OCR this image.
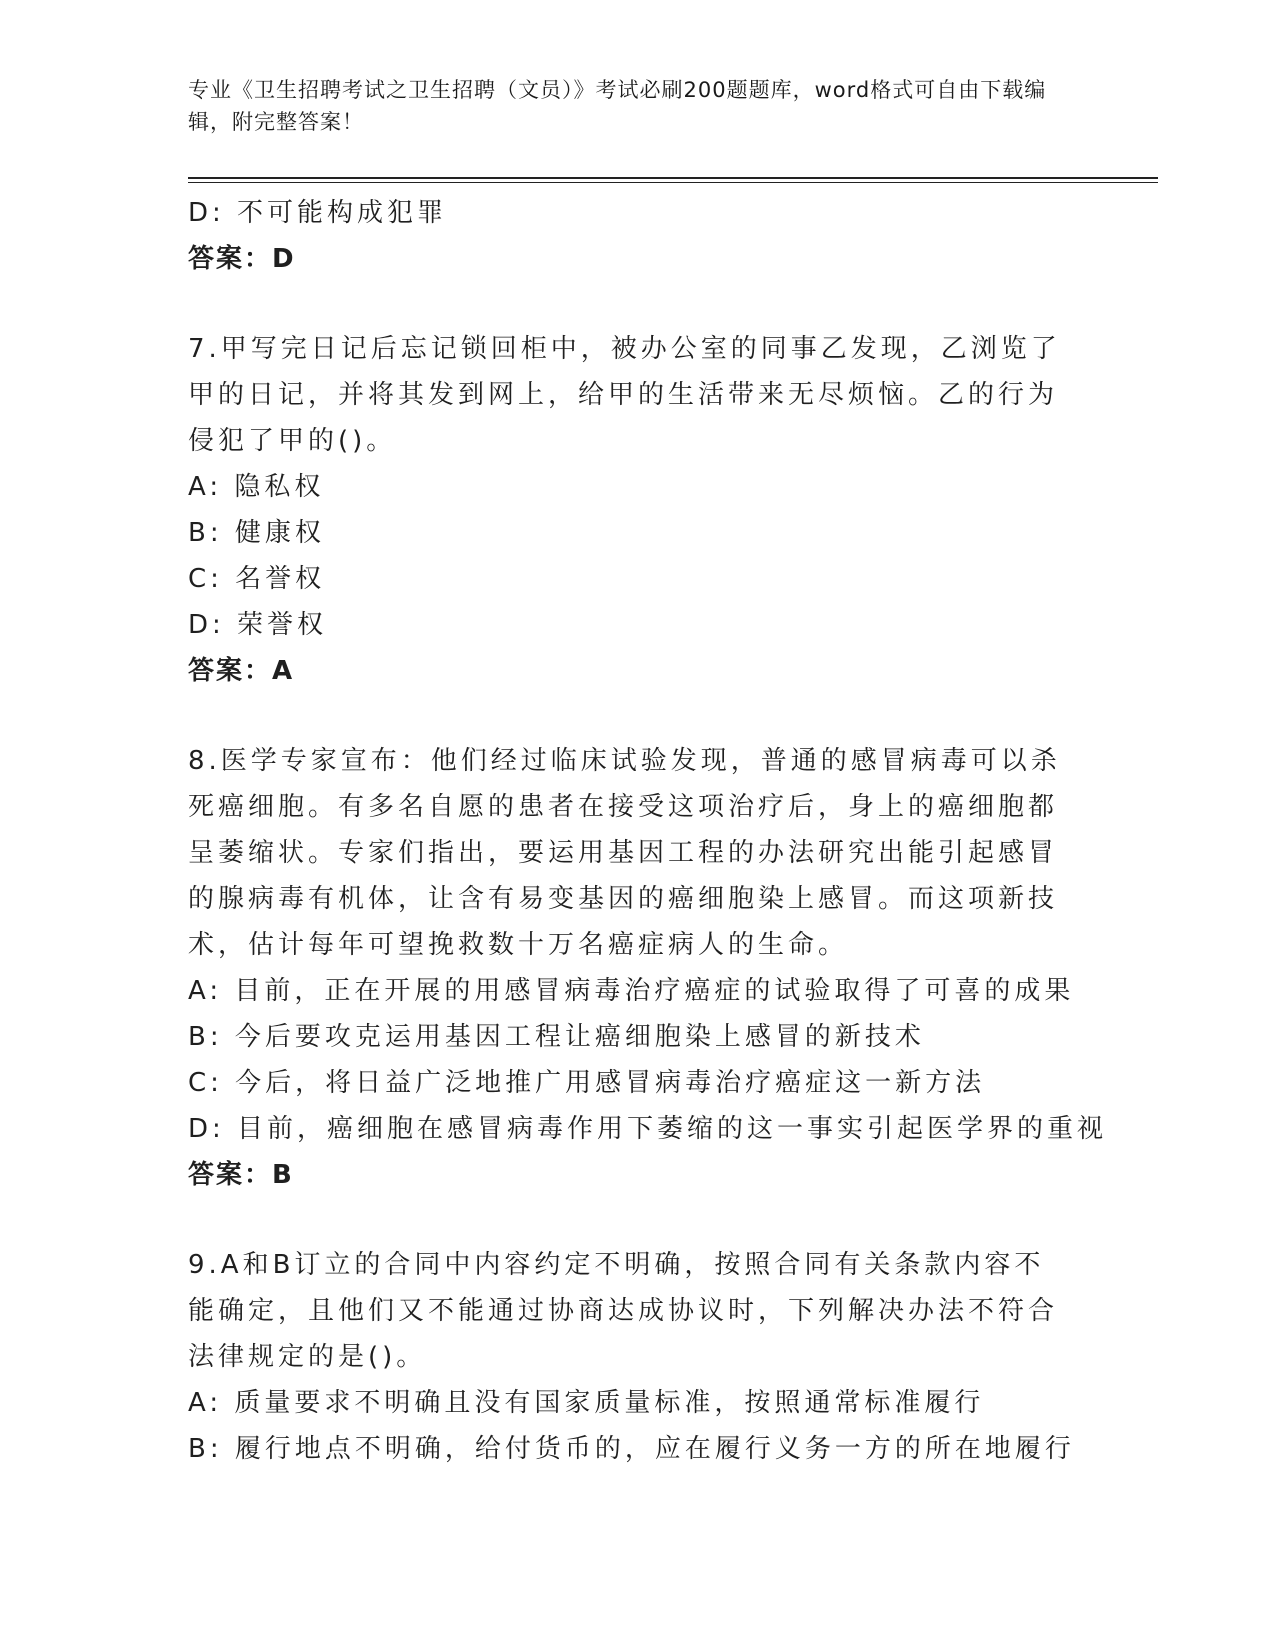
专业《卫生招聘考试之卫生招聘（文员）》考试必刷200题题库，word格式可自由下载编辑，附完整答案！
D: 不可能构成犯罪
答案：D
7.甲写完日记后忘记锁回柜中，被办公室的同事乙发现，乙浏览了甲的日记，并将其发到网上，给甲的生活带来无尽烦恼。乙的行为侵犯了甲的()。
A: 隐私权
B: 健康权
C: 名誉权
D: 荣誉权
答案：A
8.医学专家宣布：他们经过临床试验发现，普通的感冒病毒可以杀死癌细胞。有多名自愿的患者在接受这项治疗后，身上的癌细胞都呈萎缩状。专家们指出，要运用基因工程的办法研究出能引起感冒的腺病毒有机体，让含有易变基因的癌细胞染上感冒。而这项新技术，估计每年可望挽救数十万名癌症病人的生命。
A: 目前，正在开展的用感冒病毒治疗癌症的试验取得了可喜的成果
B: 今后要攻克运用基因工程让癌细胞染上感冒的新技术
C: 今后，将日益广泛地推广用感冒病毒治疗癌症这一新方法
D: 目前，癌细胞在感冒病毒作用下萎缩的这一事实引起医学界的重视
答案：B
9.A和B订立的合同中内容约定不明确，按照合同有关条款内容不能确定，且他们又不能通过协商达成协议时，下列解决办法不符合法律规定的是()。
A: 质量要求不明确且没有国家质量标准，按照通常标准履行
B: 履行地点不明确，给付货币的，应在履行义务一方的所在地履行
